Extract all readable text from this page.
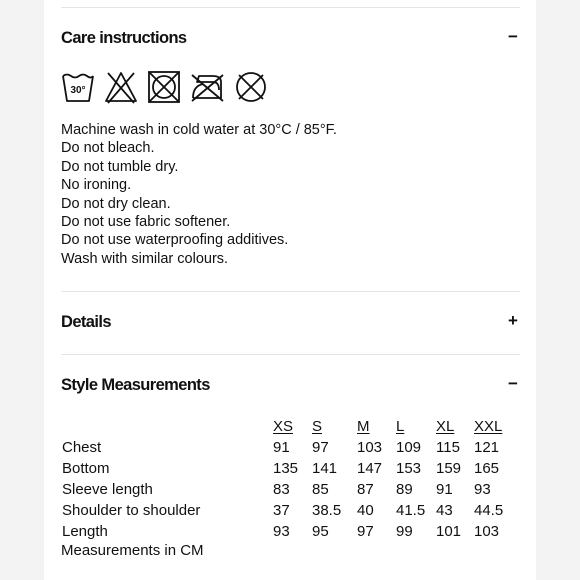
Care instructions	−
30°
Machine wash in cold water at 30°C / 85°F.
Do not bleach.
Do not tumble dry.
No ironing.
Do not dry clean.
Do not use fabric softener.
Do not use waterproofing additives.
Wash with similar colours.
Details	+
Style Measurements	−
XS S M L XL XXL
Chest	91 97 103 109 115 121
Bottom	135 141 147 153 159 165
Sleeve length	83 85 87 89 91 93
Shoulder to shoulder	37 38.5 40 41.5 43 44.5
Length	93 95 97 99 101 103
Measurements in CM
